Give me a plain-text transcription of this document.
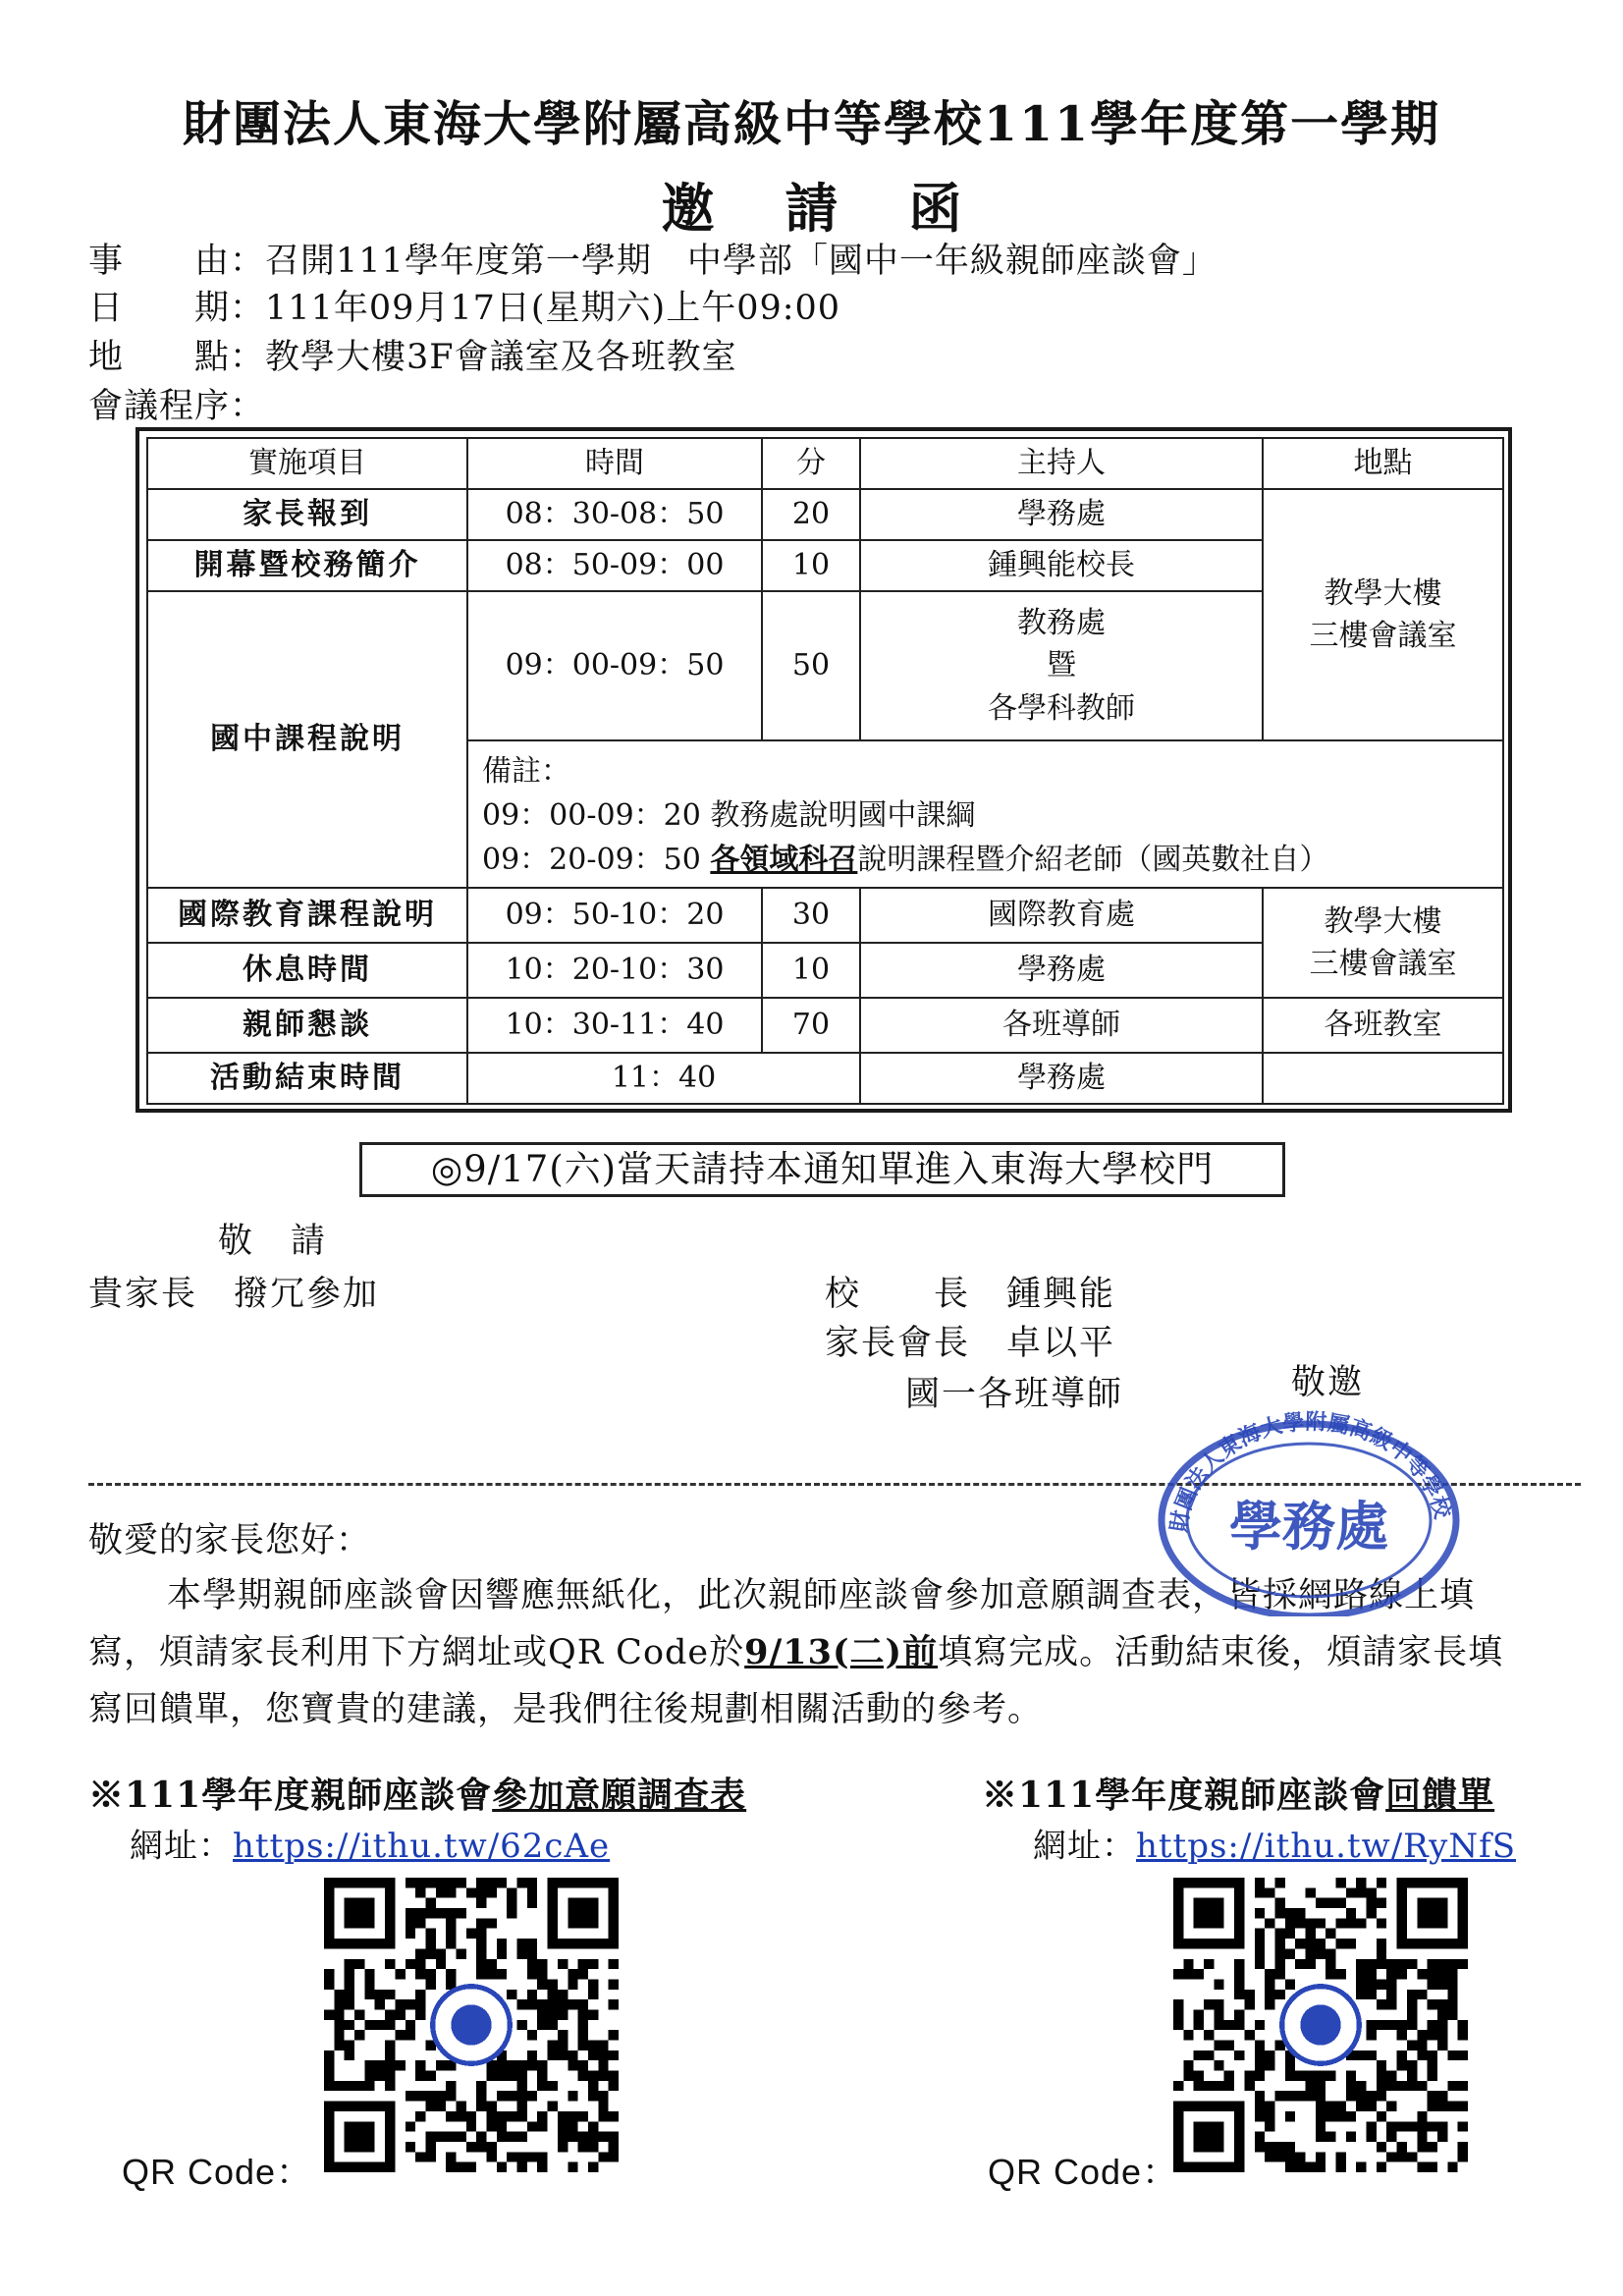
財團法人東海大學附屬高級中等學校111學年度第一學期
邀請函
事　　由：召開111學年度第一學期　中學部「國中一年級親師座談會」
日　　期：111年09月17日(星期六)上午09:00
地　　點：教學大樓3F會議室及各班教室
會議程序：
實施項目	時間	分	主持人	地點
家長報到	08：30-08：50	20	學務處	教學大樓
三樓會議室

開幕暨校務簡介	08：50-09：00	10	鍾興能校長	
國中課程說明	09：00-09：50	50	教務處
暨
各學科教師	

	備註：
09：00-09：20 教務處說明國中課綱
09：20-09：50 各領域科召說明課程暨介紹老師（國英數社自）			

國際教育課程說明	09：50-10：20	30	國際教育處	教學大樓
三樓會議室

休息時間	10：20-10：30	10	學務處	
親師懇談	10：30-11：40	70	各班導師	各班教室
活動結束時間	11：40		學務處	
◎9/17(六)當天請持本通知單進入東海大學校門
敬　請
貴家長　撥冗參加	校　　長　鍾興能
家長會長　卓以平
國一各班導師	敬邀
敬愛的家長您好：
本學期親師座談會因響應無紙化，此次親師座談會參加意願調查表，皆採網路線上填
寫，煩請家長利用下方網址或QR Code於9/13(二)前填寫完成。活動結束後，煩請家長填
寫回饋單，您寶貴的建議，是我們往後規劃相關活動的參考。
財團法人東海大學附屬高級中等學校
學務處
※111學年度親師座談會參加意願調查表
網址：https://ithu.tw/62cAe
QR Code：
※111學年度親師座談會回饋單
網址：https://ithu.tw/RyNfS
QR Code：
